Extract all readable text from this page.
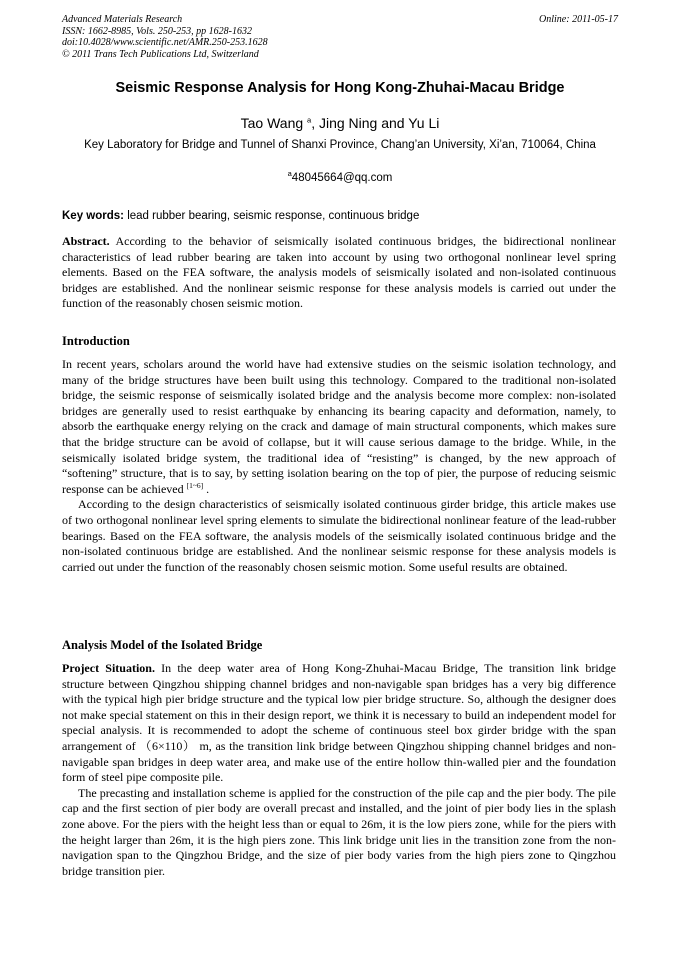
Advanced Materials Research
ISSN: 1662-8985, Vols. 250-253, pp 1628-1632
doi:10.4028/www.scientific.net/AMR.250-253.1628
© 2011 Trans Tech Publications Ltd, Switzerland
Online: 2011-05-17
Seismic Response Analysis for Hong Kong-Zhuhai-Macau Bridge
Tao Wang $^a$, Jing Ning and Yu Li
Key Laboratory for Bridge and Tunnel of Shanxi Province, Chang’an University, Xi’an, 710064, China
$^a$48045664@qq.com
Key words: lead rubber bearing, seismic response, continuous bridge

Abstract. According to the behavior of seismically isolated continuous bridges, the bidirectional nonlinear characteristics of lead rubber bearing are taken into account by using two orthogonal nonlinear level spring elements. Based on the FEA software, the analysis models of seismically isolated and non-isolated continuous bridges are established. And the nonlinear seismic response for these analysis models is carried out under the function of the reasonably chosen seismic motion.

Introduction

In recent years, scholars around the world have had extensive studies on the seismic isolation technology, and many of the bridge structures have been built using this technology. Compared to the traditional non-isolated bridge, the seismic response of seismically isolated bridge and the analysis become more complex: non-isolated bridges are generally used to resist earthquake by enhancing its bearing capacity and deformation, namely, to absorb the earthquake energy relying on the crack and damage of main structural components, which makes sure that the bridge structure can be avoid of collapse, but it will cause serious damage to the bridge. While, in the seismically isolated bridge system, the traditional idea of “resisting” is changed, by the new approach of “softening” structure, that is to say, by setting isolation bearing on the top of pier, the purpose of reducing seismic response can be achieved [1~6] .

According to the design characteristics of seismically isolated continuous girder bridge, this article makes use of two orthogonal nonlinear level spring elements to simulate the bidirectional nonlinear feature of the lead-rubber bearings. Based on the FEA software, the analysis models of the seismically isolated continuous bridge and the non-isolated continuous bridge are established. And the nonlinear seismic response for these analysis models is carried out under the function of the reasonably chosen seismic motion. Some useful results are obtained.

Analysis Model of the Isolated Bridge

Project Situation. In the deep water area of Hong Kong-Zhuhai-Macau Bridge, The transition link bridge structure between Qingzhou shipping channel bridges and non-navigable span bridges has a very big difference with the typical high pier bridge structure and the typical low pier bridge structure. So, although the designer does not make special statement on this in their design report, we think it is necessary to build an independent model for special analysis. It is recommended to adopt the scheme of continuous steel box girder bridge with the span arrangement of （6×110） m, as the transition link bridge between Qingzhou shipping channel bridges and non-navigable span bridges in deep water area, and make use of the entire hollow thin-walled pier and the foundation form of steel pipe composite pile.

The precasting and installation scheme is applied for the construction of the pile cap and the pier body. The pile cap and the first section of pier body are overall precast and installed, and the joint of pier body lies in the splash zone above. For the piers with the height less than or equal to 26m, it is the low piers zone, while for the piers with the height larger than 26m, it is the high piers zone. This link bridge unit lies in the transition zone from the non-navigation span to the Qingzhou Bridge, and the size of pier body varies from the high piers zone to Qingzhou bridge transition pier.
